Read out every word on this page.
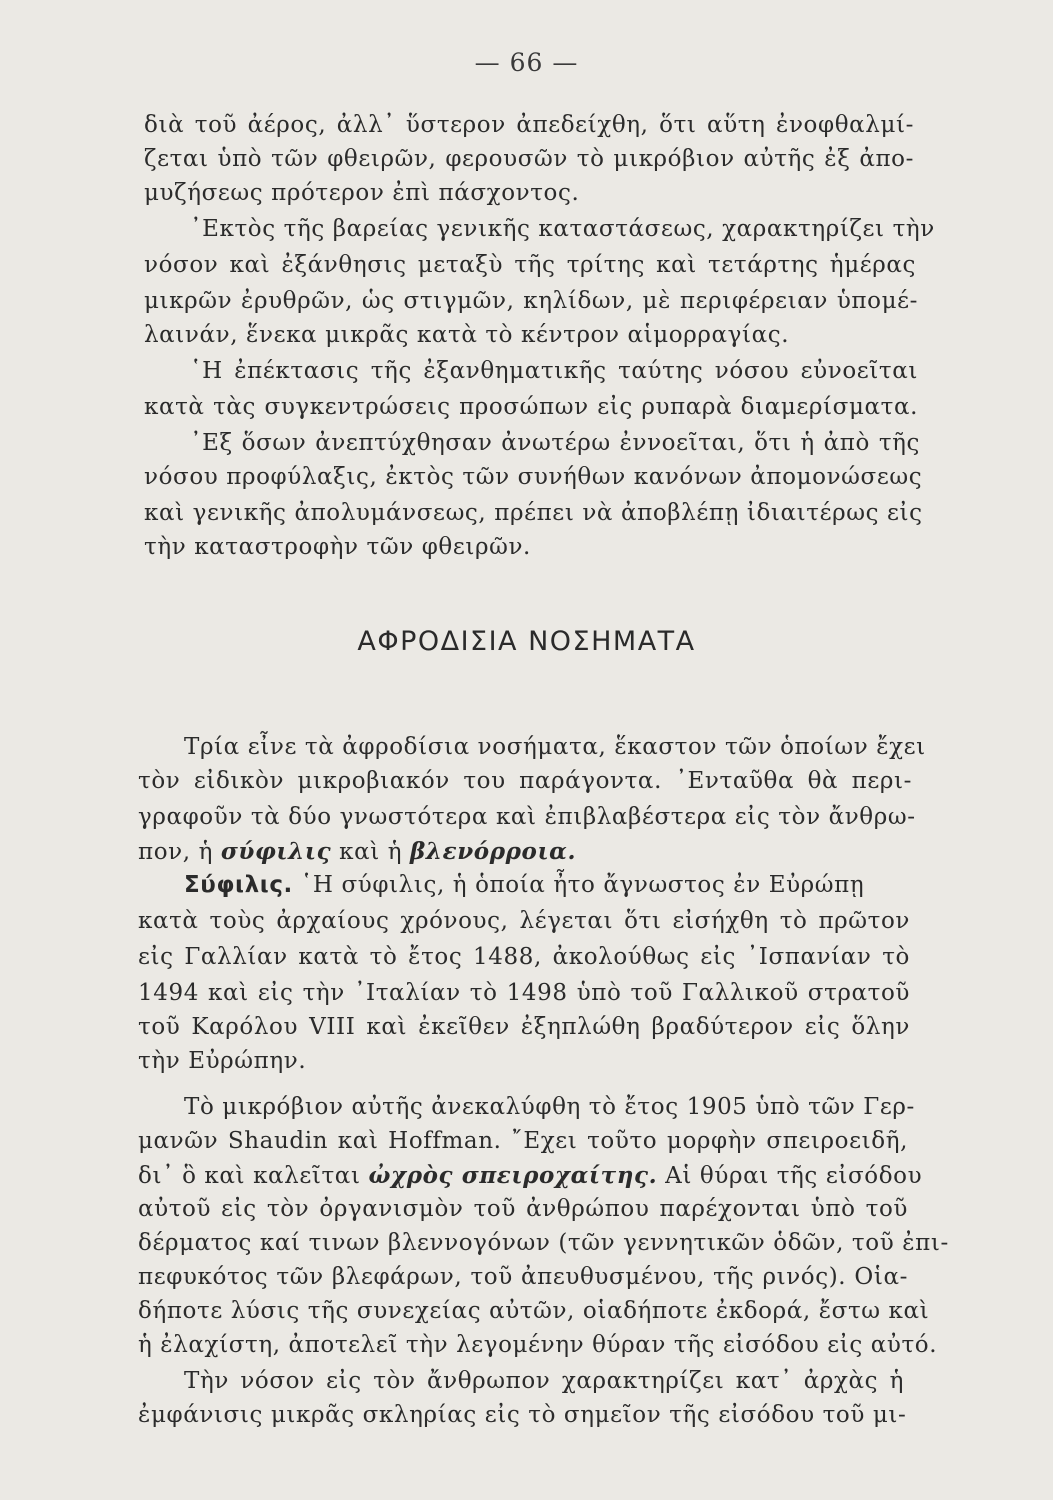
— 66 —
διὰ τοῦ ἀέρος, ἀλλ᾽ ὕστερον ἀπεδείχθη, ὅτι αὕτη ἐνοφθαλμί-
ζεται ὑπὸ τῶν φθειρῶν, φερουσῶν τὸ μικρόβιον αὐτῆς ἐξ ἀπο-
μυζήσεως πρότερον ἐπὶ πάσχοντος.
᾽Εκτὸς τῆς βαρείας γενικῆς καταστάσεως, χαρακτηρίζει τὴν
νόσον καὶ ἐξάνθησις μεταξὺ τῆς τρίτης καὶ τετάρτης ἡμέρας
μικρῶν ἐρυθρῶν, ὡς στιγμῶν, κηλίδων, μὲ περιφέρειαν ὑπομέ-
λαινάν, ἕνεκα μικρᾶς κατὰ τὸ κέντρον αἱμορραγίας.
῾Η ἐπέκτασις τῆς ἐξανθηματικῆς ταύτης νόσου εὐνοεῖται
κατὰ τὰς συγκεντρώσεις προσώπων εἰς ρυπαρὰ διαμερίσματα.
᾽Εξ ὅσων ἀνεπτύχθησαν ἀνωτέρω ἐννοεῖται, ὅτι ἡ ἀπὸ τῆς
νόσου προφύλαξις, ἐκτὸς τῶν συνήθων κανόνων ἀπομονώσεως
καὶ γενικῆς ἀπολυμάνσεως, πρέπει νὰ ἀποβλέπῃ ἰδιαιτέρως εἰς
τὴν καταστροφὴν τῶν φθειρῶν.
ΑΦΡΟΔΙΣΙΑ ΝΟΣΗΜΑΤΑ
Τρία εἶνε τὰ ἀφροδίσια νοσήματα, ἕκαστον τῶν ὁποίων ἔχει
τὸν εἰδικὸν μικροβιακόν του παράγοντα. ᾽Ενταῦθα θὰ περι-
γραφοῦν τὰ δύο γνωστότερα καὶ ἐπιβλαβέστερα εἰς τὸν ἄνθρω-
πον, ἡ σύφιλις καὶ ἡ βλενόρροια.
Σύφιλις. ῾Η σύφιλις, ἡ ὁποία ἦτο ἄγνωστος ἐν Εὐρώπῃ
κατὰ τοὺς ἀρχαίους χρόνους, λέγεται ὅτι εἰσήχθη τὸ πρῶτον
εἰς Γαλλίαν κατὰ τὸ ἔτος 1488, ἀκολούθως εἰς ᾽Ισπανίαν τὸ
1494 καὶ εἰς τὴν ᾽Ιταλίαν τὸ 1498 ὑπὸ τοῦ Γαλλικοῦ στρατοῦ
τοῦ Καρόλου VIII καὶ ἐκεῖθεν ἐξηπλώθη βραδύτερον εἰς ὅλην
τὴν Εὐρώπην.
Τὸ μικρόβιον αὐτῆς ἀνεκαλύφθη τὸ ἔτος 1905 ὑπὸ τῶν Γερ-
μανῶν Shaudin καὶ Hoffman. ῎Εχει τοῦτο μορφὴν σπειροειδῆ,
δι᾽ ὃ καὶ καλεῖται ὠχρὸς σπειροχαίτης. Αἱ θύραι τῆς εἰσόδου
αὐτοῦ εἰς τὸν ὀργανισμὸν τοῦ ἀνθρώπου παρέχονται ὑπὸ τοῦ
δέρματος καί τινων βλεννογόνων (τῶν γεννητικῶν ὁδῶν, τοῦ ἐπι-
πεφυκότος τῶν βλεφάρων, τοῦ ἀπευθυσμένου, τῆς ρινός). Οἱα-
δήποτε λύσις τῆς συνεχείας αὐτῶν, οἱαδήποτε ἐκδορά, ἔστω καὶ
ἡ ἐλαχίστη, ἀποτελεῖ τὴν λεγομένην θύραν τῆς εἰσόδου εἰς αὐτό.
Τὴν νόσον εἰς τὸν ἄνθρωπον χαρακτηρίζει κατ᾽ ἀρχὰς ἡ
ἐμφάνισις μικρᾶς σκληρίας εἰς τὸ σημεῖον τῆς εἰσόδου τοῦ μι-
